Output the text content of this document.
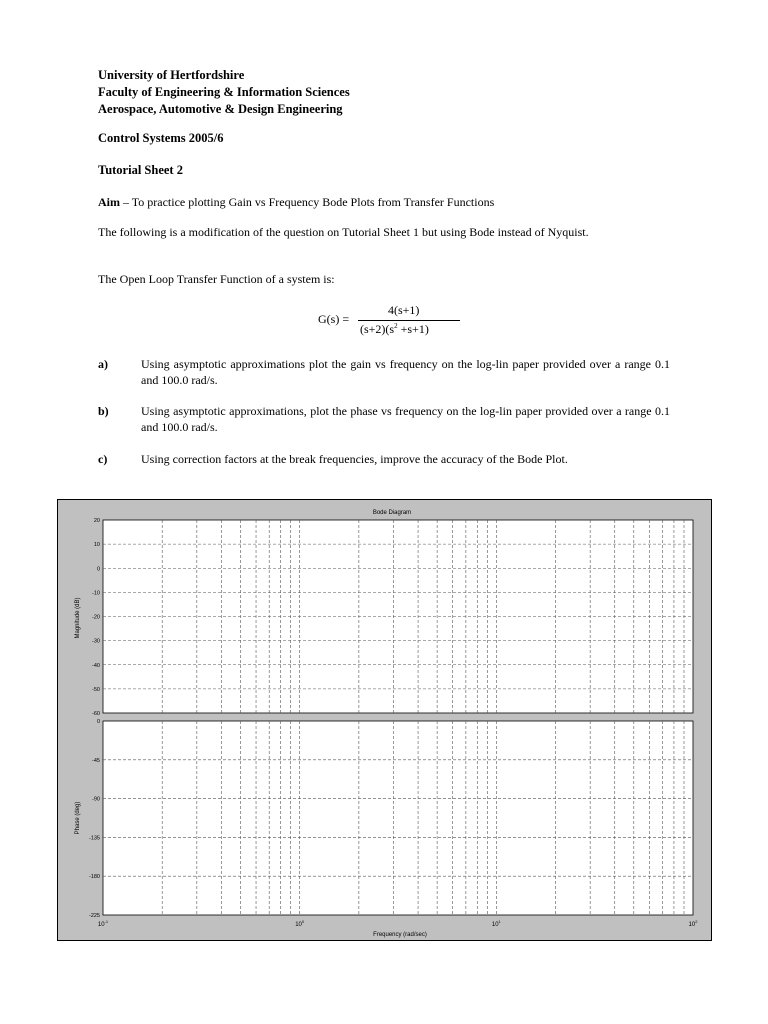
University of Hertfordshire
Faculty of Engineering & Information Sciences
Aerospace, Automotive & Design Engineering
Control Systems 2005/6
Tutorial Sheet 2
Aim – To practice plotting Gain vs Frequency Bode Plots from Transfer Functions
The following is a modification of the question on Tutorial Sheet 1 but using Bode instead of Nyquist.
The Open Loop Transfer Function of a system is:
G(s) =
4(s+1)
$(s+2)(s^2 +s+1)$
a)	Using asymptotic approximations plot the gain vs frequency on the log-lin paper provided over a range 0.1 and 100.0 rad/s.
b)	Using asymptotic approximations, plot the phase vs frequency on the log-lin paper provided over a range 0.1 and 100.0 rad/s.
c)	Using correction factors at the break frequencies, improve the accuracy of the Bode Plot.
Bode Diagram
20
10
0
-10
-20
-30
-40
-50
-60
0
-45
-90
-135
-180
-225
Frequency (rad/sec)
Magnitude (dB)
Phase (deg)
$10^{-1}$
$10^0$
$10^1$
$10^2$
